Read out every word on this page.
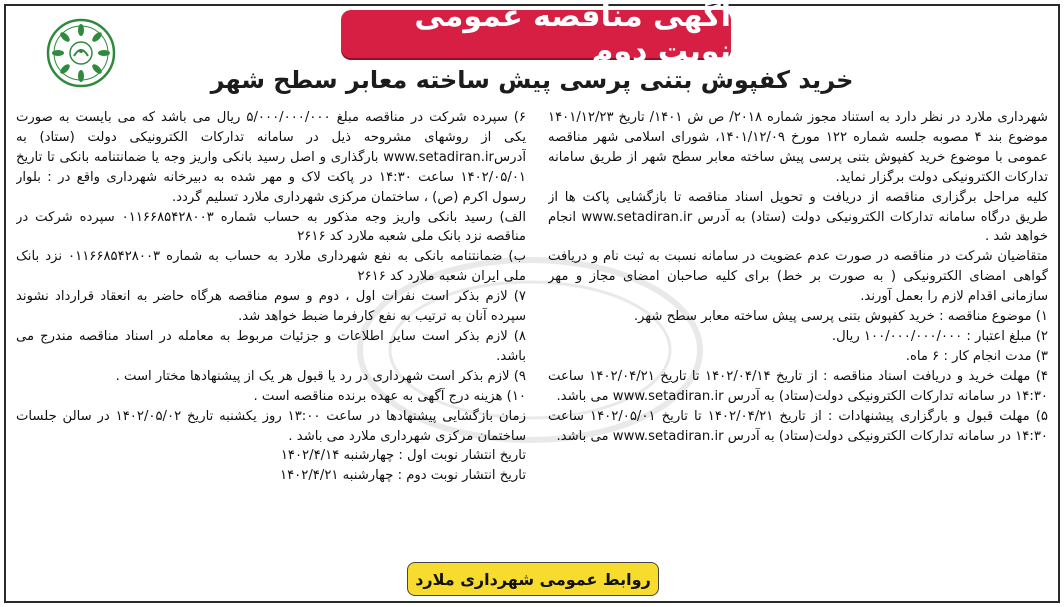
آگهی مناقصه عمومی نوبت دوم
خرید کفپوش بتنی پرسی پیش ساخته معابر سطح شهر

شهرداری ملارد در نظر دارد به استناد مجوز شماره ۲۰۱۸/ ص ش ۱۴۰۱/ تاریخ ۱۴۰۱/۱۲/۲۳ موضوع بند ۴ مصوبه جلسه شماره ۱۲۲ مورخ ۱۴۰۱/۱۲/۰۹، شورای اسلامی شهر مناقصه عمومی با موضوع خرید کفپوش بتنی پرسی پیش ساخته معابر سطح شهر از طریق سامانه تدارکات الکترونیکی دولت برگزار نماید.

کلیه مراحل برگزاری مناقصه از دریافت و تحویل اسناد مناقصه تا بازگشایی پاکت ها از طریق درگاه سامانه تدارکات الکترونیکی دولت (ستاد) به آدرس www.setadiran.ir انجام خواهد شد .

متقاضیان شرکت در مناقصه در صورت عدم عضویت در سامانه نسبت به ثبت نام و دریافت گواهی امضای الکترونیکی ( به صورت بر خط) برای کلیه صاحبان امضای مجاز و مهر سازمانی اقدام لازم را بعمل آورند.

۱) موضوع مناقصه : خرید کفپوش بتنی پرسی پیش ساخته معابر سطح شهر.

۲) مبلغ اعتبار : ۱۰۰/۰۰۰/۰۰۰/۰۰۰ ریال.

۳) مدت انجام کار : ۶ ماه.

۴) مهلت خرید و دریافت اسناد مناقصه : از تاریخ ۱۴۰۲/۰۴/۱۴ تا تاریخ ۱۴۰۲/۰۴/۲۱ ساعت ۱۴:۳۰ در سامانه تدارکات الکترونیکی دولت(ستاد) به آدرس www.setadiran.ir می باشد.

۵) مهلت قبول و بارگزاری پیشنهادات : از تاریخ ۱۴۰۲/۰۴/۲۱ تا تاریخ ۱۴۰۲/۰۵/۰۱ ساعت ۱۴:۳۰ در سامانه تدارکات الکترونیکی دولت(ستاد) به آدرس www.setadiran.ir می باشد.

۶) سپرده شرکت در مناقصه مبلغ ۵/۰۰۰/۰۰۰/۰۰۰ ریال می باشد که می بایست به صورت یکی از روشهای مشروحه ذیل در سامانه تدارکات الکترونیکی دولت (ستاد) به آدرسwww.setadiran.ir بارگذاری و اصل رسید بانکی واریز وجه یا ضمانتنامه بانکی تا تاریخ ۱۴۰۲/۰۵/۰۱ ساعت ۱۴:۳۰ در پاکت لاک و مهر شده به دبیرخانه شهرداری واقع در : بلوار رسول اکرم (ص) ، ساختمان مرکزی شهرداری ملارد تسلیم گردد.

الف) رسید بانکی واریز وجه مذکور به حساب شماره ۰۱۱۶۶۸۵۴۲۸۰۰۳ سپرده شرکت در مناقصه نزد بانک ملی شعبه ملارد کد ۲۶۱۶

ب) ضمانتنامه بانکی به نفع شهرداری ملارد به حساب به شماره ۰۱۱۶۶۸۵۴۲۸۰۰۳ نزد بانک ملی ایران شعبه ملارد کد ۲۶۱۶

۷) لازم بذکر است نفرات اول ، دوم و سوم مناقصه هرگاه حاضر به انعقاد قرارداد نشوند سپرده آنان به ترتیب به نفع کارفرما ضبط خواهد شد.

۸) لازم بذکر است سایر اطلاعات و جزئیات مربوط به معامله در اسناد مناقصه مندرج می باشد.

۹) لازم بذکر است شهرداری در رد یا قبول هر یک از پیشنهادها مختار است .

۱۰) هزینه درج آگهی به عهده برنده مناقصه است .

زمان بازگشایی پیشنهادها در ساعت ۱۳:۰۰ روز یکشنبه تاریخ ۱۴۰۲/۰۵/۰۲ در سالن جلسات ساختمان مرکزی شهرداری ملارد می باشد .

تاریخ انتشار نوبت اول : چهارشنبه ۱۴۰۲/۴/۱۴

تاریخ انتشار نوبت دوم : چهارشنبه ۱۴۰۲/۴/۲۱

روابط عمومی شهرداری ملارد
